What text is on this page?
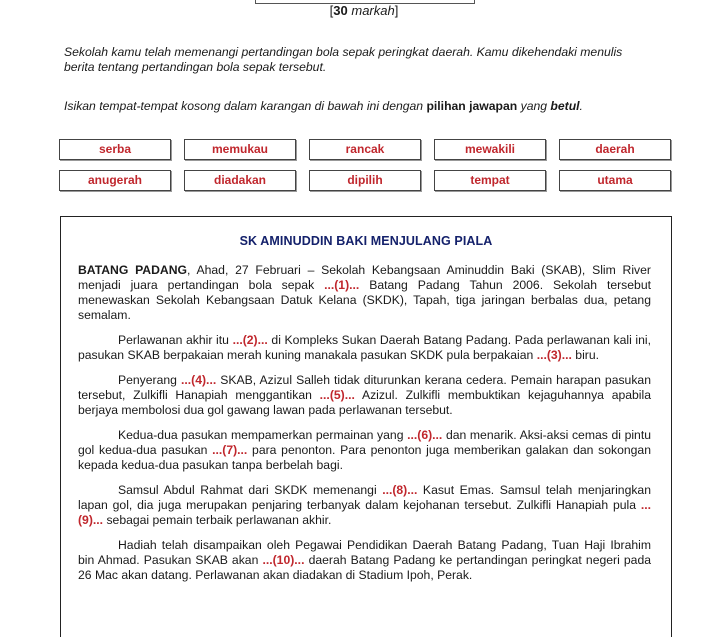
[30 markah]
Sekolah kamu telah memenangi pertandingan bola sepak peringkat daerah. Kamu dikehendaki menulis
berita tentang pertandingan bola sepak tersebut.
Isikan tempat-tempat kosong dalam karangan di bawah ini dengan pilihan jawapan yang betul.
serba	memukau	rancak	mewakili	daerah
anugerah	diadakan	dipilih	tempat	utama
SK AMINUDDIN BAKI MENJULANG PIALA

BATANG PADANG, Ahad, 27 Februari – Sekolah Kebangsaan Aminuddin Baki (SKAB), Slim River menjadi juara pertandingan bola sepak ...(1)... Batang Padang Tahun 2006. Sekolah tersebut menewaskan Sekolah Kebangsaan Datuk Kelana (SKDK), Tapah, tiga jaringan berbalas dua, petang semalam.

Perlawanan akhir itu ...(2)... di Kompleks Sukan Daerah Batang Padang. Pada perlawanan kali ini, pasukan SKAB berpakaian merah kuning manakala pasukan SKDK pula berpakaian ...(3)... biru.

Penyerang ...(4)... SKAB, Azizul Salleh tidak diturunkan kerana cedera. Pemain harapan pasukan tersebut, Zulkifli Hanapiah menggantikan ...(5)... Azizul. Zulkifli membuktikan kejaguhannya apabila berjaya membolosi dua gol gawang lawan pada perlawanan tersebut.

Kedua-dua pasukan mempamerkan permainan yang ...(6)... dan menarik. Aksi-aksi cemas di pintu gol kedua-dua pasukan ...(7)... para penonton. Para penonton juga memberikan galakan dan sokongan kepada kedua-dua pasukan tanpa berbelah bagi.

Samsul Abdul Rahmat dari SKDK memenangi ...(8)... Kasut Emas. Samsul telah menjaringkan lapan gol, dia juga merupakan penjaring terbanyak dalam kejohanan tersebut. Zulkifli Hanapiah pula ...(9)... sebagai pemain terbaik perlawanan akhir.

Hadiah telah disampaikan oleh Pegawai Pendidikan Daerah Batang Padang, Tuan Haji Ibrahim bin Ahmad. Pasukan SKAB akan ...(10)... daerah Batang Padang ke pertandingan peringkat negeri pada 26 Mac akan datang. Perlawanan akan diadakan di Stadium Ipoh, Perak.
